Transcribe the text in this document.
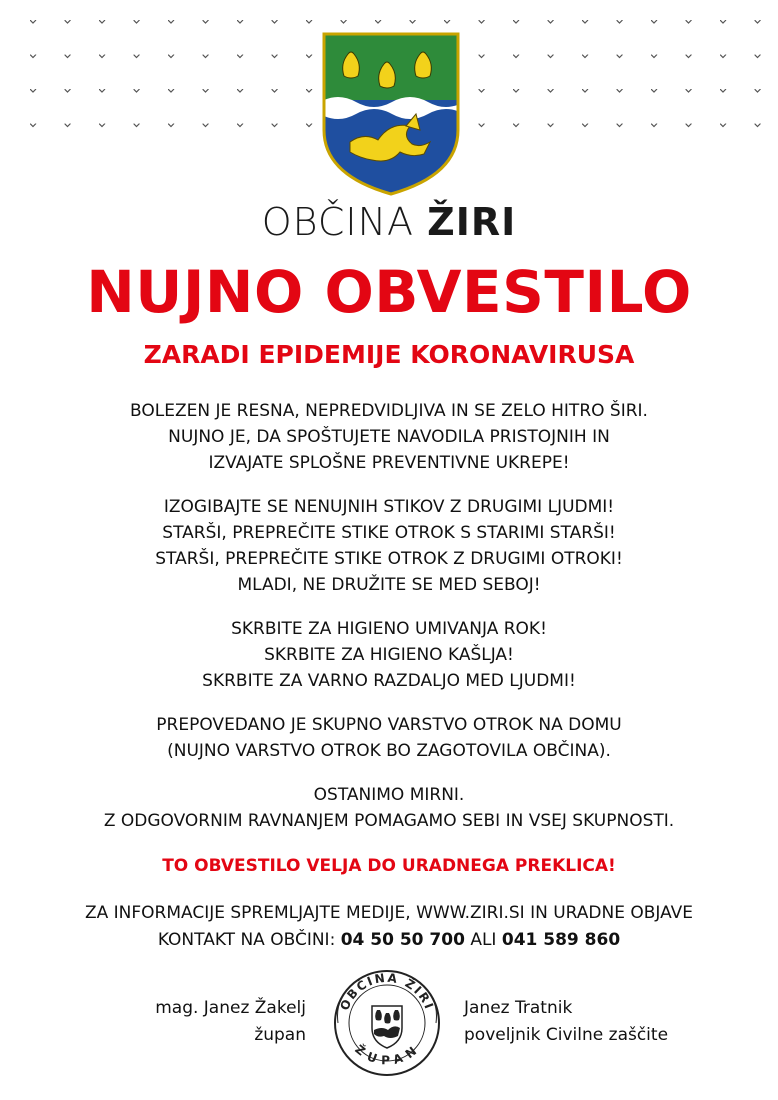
OBČINA ŽIRI
NUJNO OBVESTILO
ZARADI EPIDEMIJE KORONAVIRUSA

BOLEZEN JE RESNA, NEPREDVIDLJIVA IN SE ZELO HITRO ŠIRI.
NUJNO JE, DA SPOŠTUJETE NAVODILA PRISTOJNIH IN
IZVAJATE SPLOŠNE PREVENTIVNE UKREPE!

IZOGIBAJTE SE NENUJNIH STIKOV Z DRUGIMI LJUDMI!
STARŠI, PREPREČITE STIKE OTROK S STARIMI STARŠI!
STARŠI, PREPREČITE STIKE OTROK Z DRUGIMI OTROKI!
MLADI, NE DRUŽITE SE MED SEBOJ!

SKRBITE ZA HIGIENO UMIVANJA ROK!
SKRBITE ZA HIGIENO KAŠLJA!
SKRBITE ZA VARNO RAZDALJO MED LJUDMI!

PREPOVEDANO JE SKUPNO VARSTVO OTROK NA DOMU
(NUJNO VARSTVO OTROK BO ZAGOTOVILA OBČINA).

OSTANIMO MIRNI.
Z ODGOVORNIM RAVNANJEM POMAGAMO SEBI IN VSEJ SKUPNOSTI.

TO OBVESTILO VELJA DO URADNEGA PREKLICA!
ZA INFORMACIJE SPREMLJAJTE MEDIJE, WWW.ZIRI.SI IN URADNE OBJAVE
KONTAKT NA OBČINI: 04 50 50 700 ALI 041 589 860
mag. Janez Žakelj
župan
OBČINA ŽIRI
ŽUPAN
Janez Tratnik
poveljnik Civilne zaščite
